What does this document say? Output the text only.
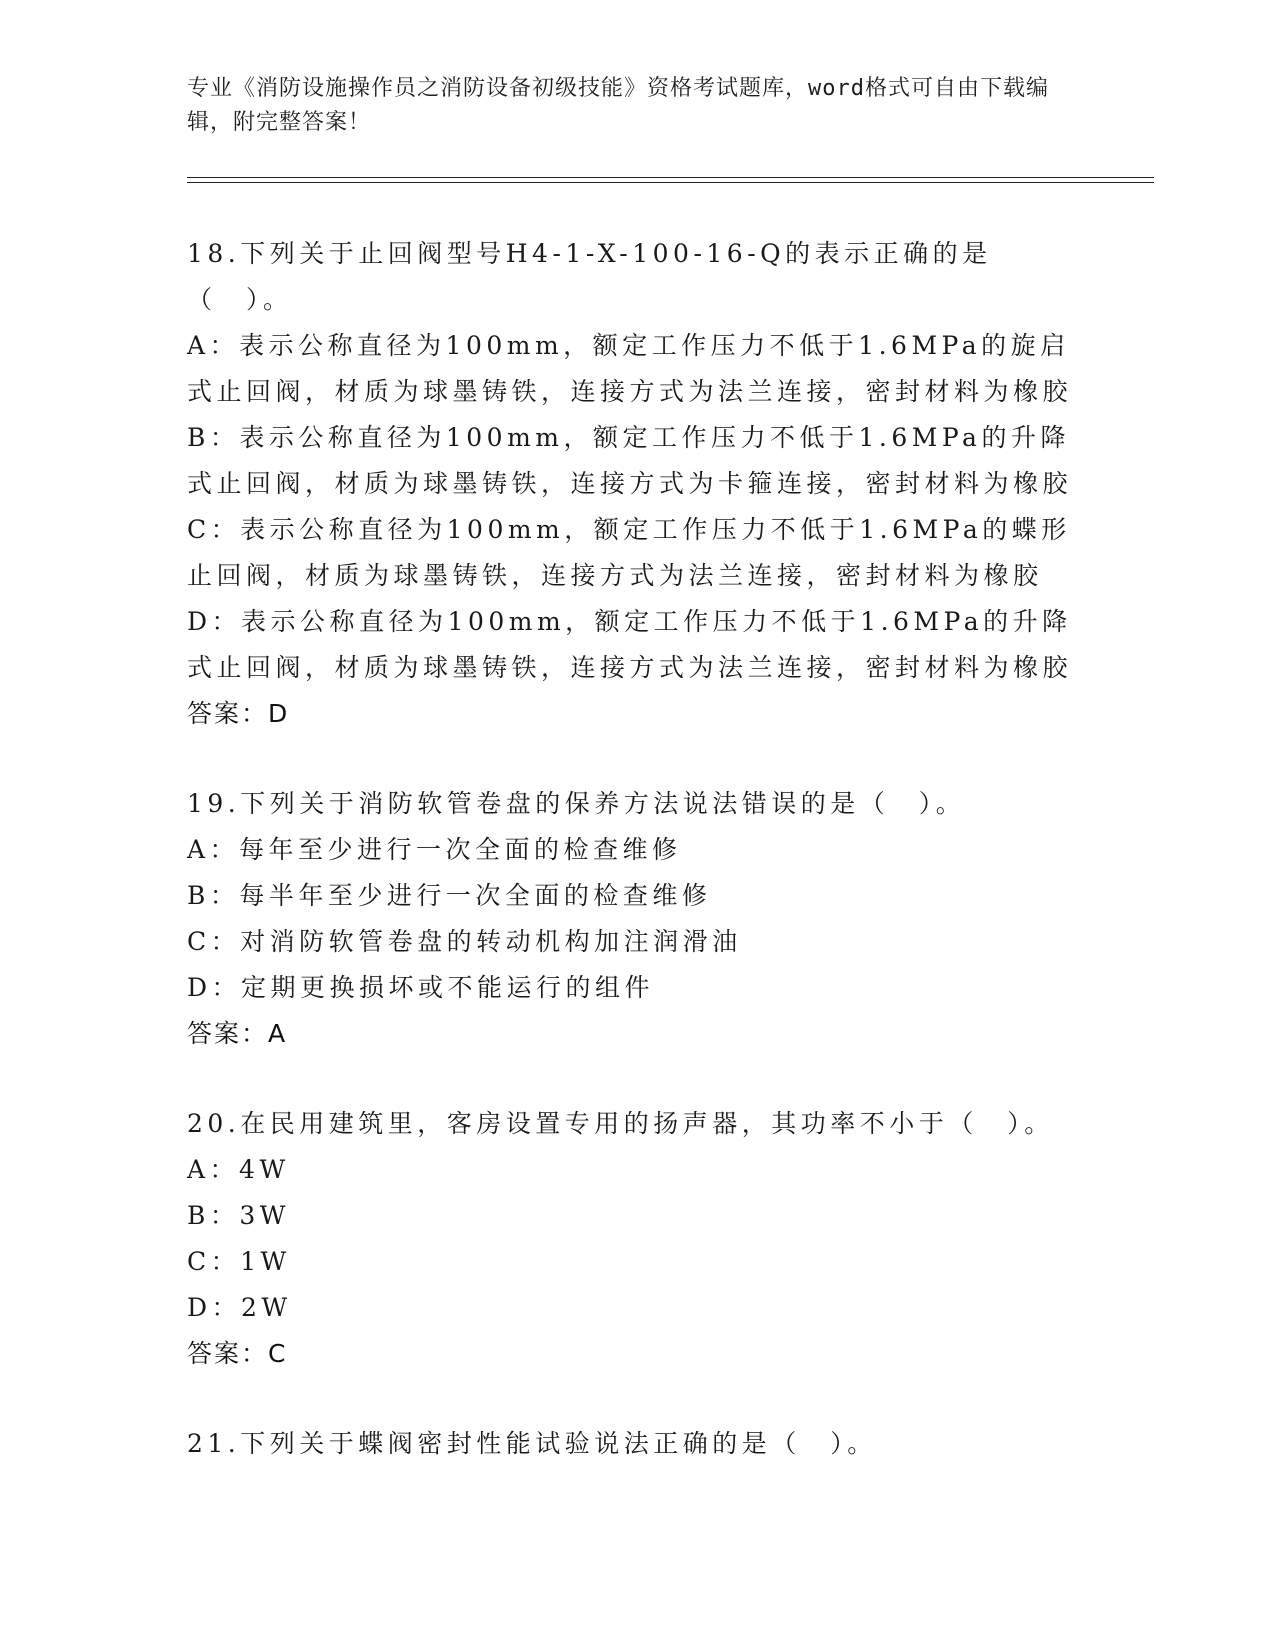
专业《消防设施操作员之消防设备初级技能》资格考试题库，word格式可自由下载编辑，附完整答案！
18.下列关于止回阀型号H4-1-X-100-16-Q的表示正确的是（　）。
A：表示公称直径为100mm，额定工作压力不低于1.6MPa的旋启式止回阀，材质为球墨铸铁，连接方式为法兰连接，密封材料为橡胶
B：表示公称直径为100mm，额定工作压力不低于1.6MPa的升降式止回阀，材质为球墨铸铁，连接方式为卡箍连接，密封材料为橡胶
C：表示公称直径为100mm，额定工作压力不低于1.6MPa的蝶形止回阀，材质为球墨铸铁，连接方式为法兰连接，密封材料为橡胶
D：表示公称直径为100mm，额定工作压力不低于1.6MPa的升降式止回阀，材质为球墨铸铁，连接方式为法兰连接，密封材料为橡胶
答案：D
19.下列关于消防软管卷盘的保养方法说法错误的是（　）。
A：每年至少进行一次全面的检查维修
B：每半年至少进行一次全面的检查维修
C：对消防软管卷盘的转动机构加注润滑油
D：定期更换损坏或不能运行的组件
答案：A
20.在民用建筑里，客房设置专用的扬声器，其功率不小于（　）。
A：4W
B：3W
C：1W
D：2W
答案：C
21.下列关于蝶阀密封性能试验说法正确的是（　）。
